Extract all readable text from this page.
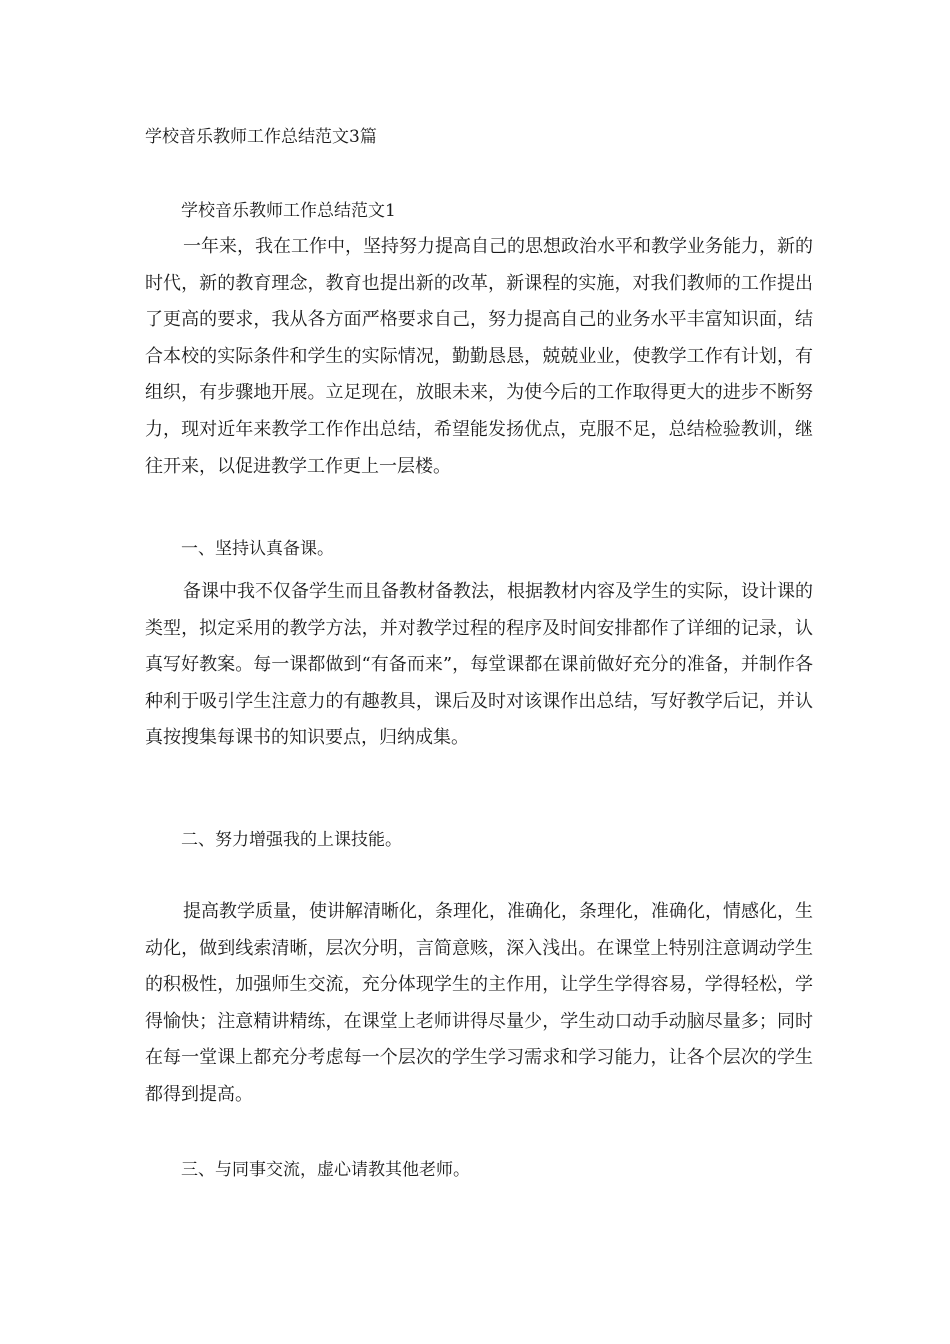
学校音乐教师工作总结范文3篇

学校音乐教师工作总结范文1

一年来，我在工作中，坚持努力提高自己的思想政治水平和教学业务能力，新的时代，新的教育理念，教育也提出新的改革，新课程的实施，对我们教师的工作提出了更高的要求，我从各方面严格要求自己，努力提高自己的业务水平丰富知识面，结合本校的实际条件和学生的实际情况，勤勤恳恳，兢兢业业，使教学工作有计划，有组织，有步骤地开展。立足现在，放眼未来，为使今后的工作取得更大的进步不断努力，现对近年来教学工作作出总结，希望能发扬优点，克服不足，总结检验教训，继往开来，以促进教学工作更上一层楼。

一、坚持认真备课。

备课中我不仅备学生而且备教材备教法，根据教材内容及学生的实际，设计课的类型，拟定采用的教学方法，并对教学过程的程序及时间安排都作了详细的记录，认真写好教案。每一课都做到“有备而来”，每堂课都在课前做好充分的准备，并制作各种利于吸引学生注意力的有趣教具，课后及时对该课作出总结，写好教学后记，并认真按搜集每课书的知识要点，归纳成集。

二、努力增强我的上课技能。

提高教学质量，使讲解清晰化，条理化，准确化，条理化，准确化，情感化，生动化，做到线索清晰，层次分明，言简意赅，深入浅出。在课堂上特别注意调动学生的积极性，加强师生交流，充分体现学生的主作用，让学生学得容易，学得轻松，学得愉快；注意精讲精练，在课堂上老师讲得尽量少，学生动口动手动脑尽量多；同时在每一堂课上都充分考虑每一个层次的学生学习需求和学习能力，让各个层次的学生都得到提高。

三、与同事交流，虚心请教其他老师。
